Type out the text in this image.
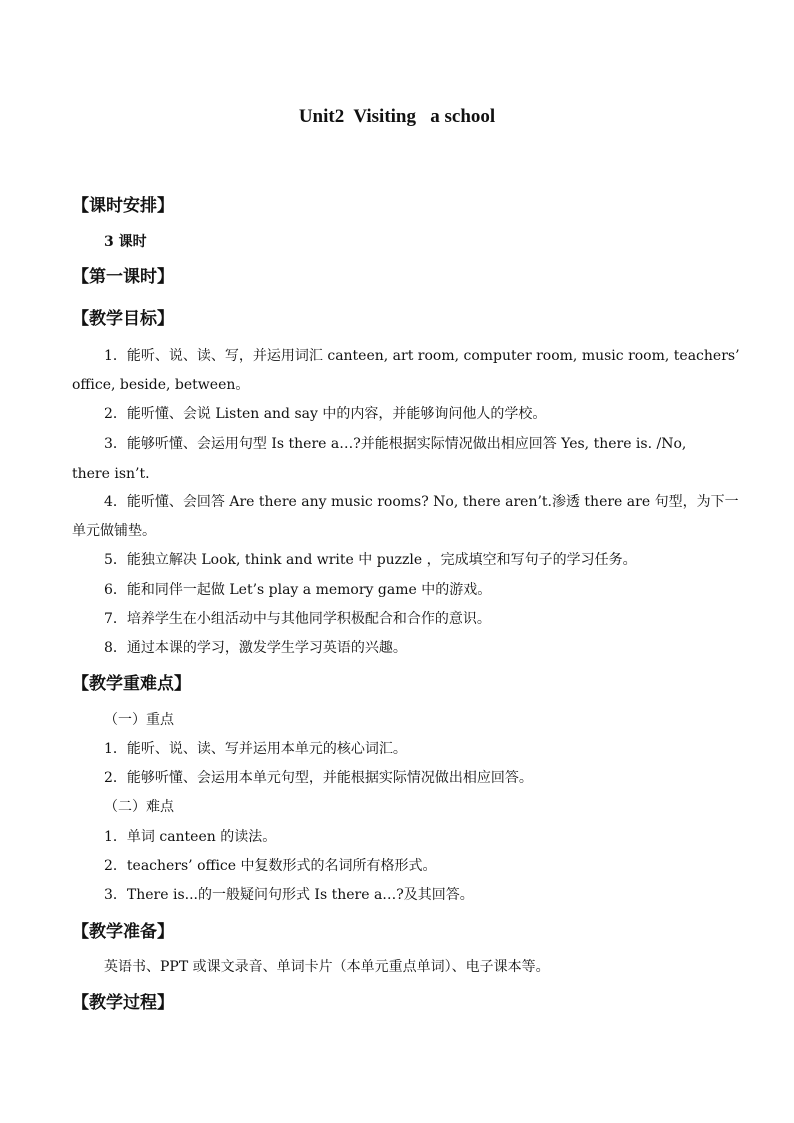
Unit2  Visiting   a school
【课时安排】
3 课时
【第一课时】
【教学目标】
1．能听、说、读、写，并运用词汇 canteen, art room, computer room, music room, teachers’
office, beside, between。
2．能听懂、会说 Listen and say 中的内容，并能够询问他人的学校。
3．能够听懂、会运用句型 Is there a…?并能根据实际情况做出相应回答 Yes, there is. /No,
there isn’t.
4．能听懂、会回答 Are there any music rooms? No, there aren’t.渗透 there are 句型，为下一
单元做铺垫。
5．能独立解决 Look, think and write 中 puzzle ，完成填空和写句子的学习任务。
6．能和同伴一起做 Let’s play a memory game 中的游戏。
7．培养学生在小组活动中与其他同学积极配合和合作的意识。
8．通过本课的学习，激发学生学习英语的兴趣。
【教学重难点】
（一）重点
1．能听、说、读、写并运用本单元的核心词汇。
2．能够听懂、会运用本单元句型，并能根据实际情况做出相应回答。
（二）难点
1．单词 canteen 的读法。
2．teachers’ office 中复数形式的名词所有格形式。
3．There is...的一般疑问句形式 Is there a…?及其回答。
【教学准备】
英语书、PPT 或课文录音、单词卡片（本单元重点单词）、电子课本等。
【教学过程】
